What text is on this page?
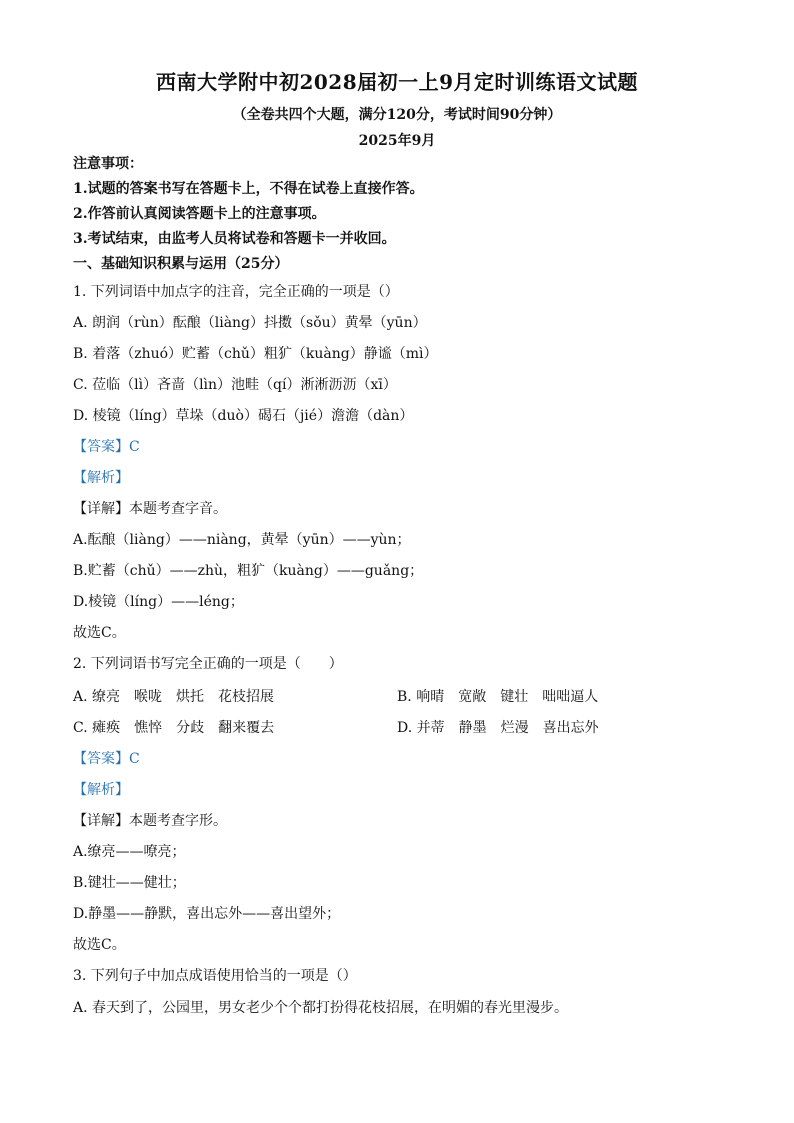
西南大学附中初2028届初一上9月定时训练语文试题
（全卷共四个大题，满分120分，考试时间90分钟）
2025年9月
注意事项：
1.试题的答案书写在答题卡上，不得在试卷上直接作答。
2.作答前认真阅读答题卡上的注意事项。
3.考试结束，由监考人员将试卷和答题卡一并收回。
一、基础知识积累与运用（25分）
1. 下列词语中加点字的注音，完全正确的一项是（）
A. 朗润（rùn）酝酿（liàng）抖擞（sǒu）黄晕（yūn）
B. 着落（zhuó）贮蓄（chǔ）粗犷（kuàng）静谧（mì）
C. 莅临（lì）吝啬（lìn）池畦（qí）淅淅沥沥（xī）
D. 棱镜（líng）草垛（duò）碣石（jié）澹澹（dàn）
【答案】C
【解析】
【详解】本题考查字音。
A.酝酿（liàng）——niàng，黄晕（yūn）——yùn；
B.贮蓄（chǔ）——zhù，粗犷（kuàng）——guǎng；
D.棱镜（líng）——léng；
故选C。
2. 下列词语书写完全正确的一项是（　　）
A. 缭亮　喉咙　烘托　花枝招展	B. 响晴　宽敞　键壮　咄咄逼人
C. 瘫痪　憔悴　分歧　翻来覆去	D. 并蒂　静墨　烂漫　喜出忘外
【答案】C
【解析】
【详解】本题考查字形。
A.缭亮——嘹亮；
B.键壮——健壮；
D.静墨——静默，喜出忘外——喜出望外；
故选C。
3. 下列句子中加点成语使用恰当的一项是（）
A. 春天到了，公园里，男女老少个个都打扮得花枝招展，在明媚的春光里漫步。
